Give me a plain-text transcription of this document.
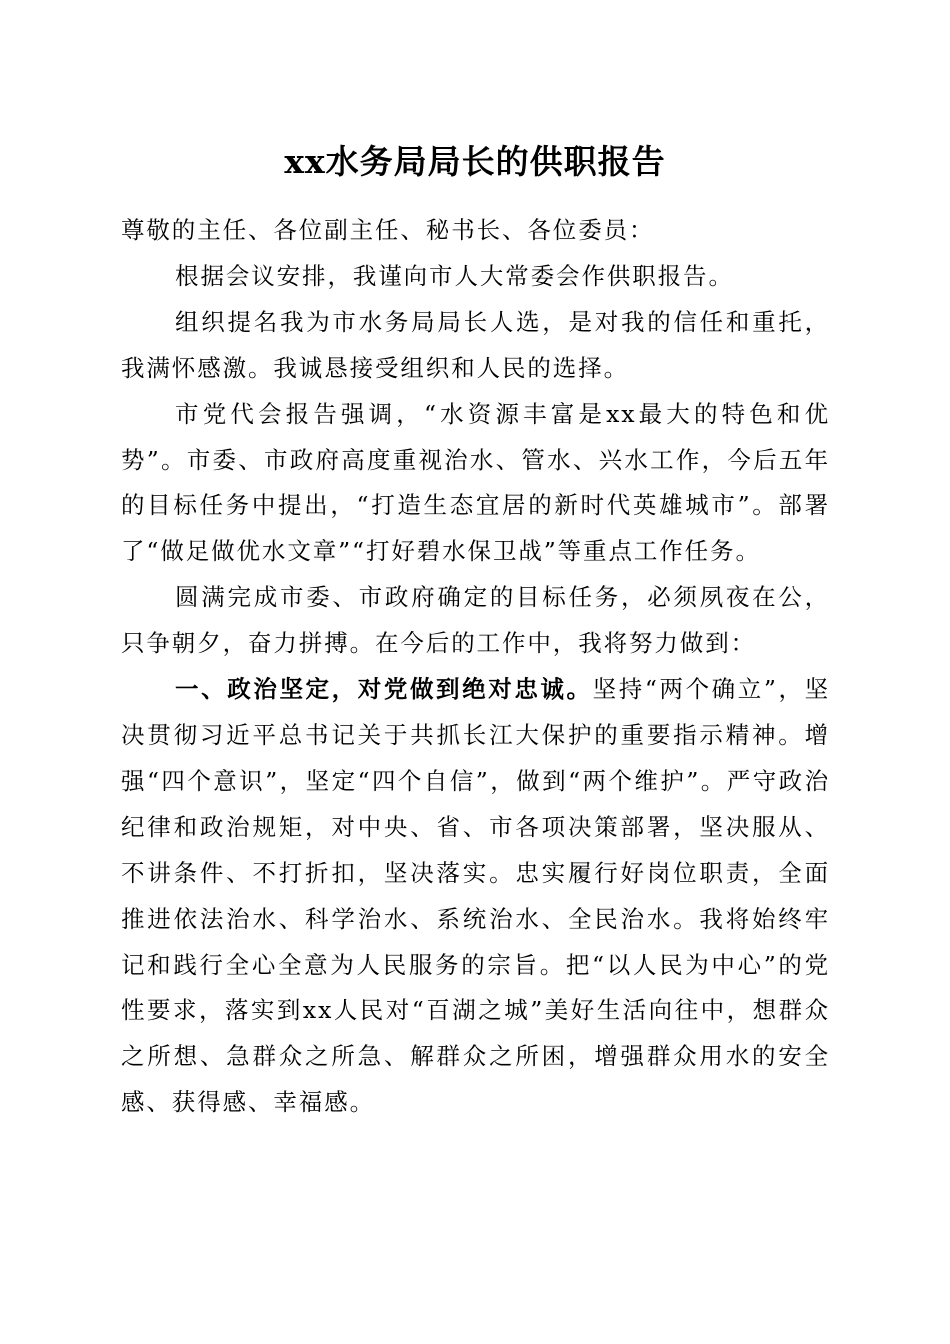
xx水务局局长的供职报告

尊敬的主任、各位副主任、秘书长、各位委员：

根据会议安排，我谨向市人大常委会作供职报告。

组织提名我为市水务局局长人选，是对我的信任和重托，我满怀感激。我诚恳接受组织和人民的选择。

市党代会报告强调，“水资源丰富是xx最大的特色和优势”。市委、市政府高度重视治水、管水、兴水工作，今后五年的目标任务中提出，“打造生态宜居的新时代英雄城市”。部署了“做足做优水文章”“打好碧水保卫战”等重点工作任务。

圆满完成市委、市政府确定的目标任务，必须夙夜在公，只争朝夕，奋力拼搏。在今后的工作中，我将努力做到：

一、政治坚定，对党做到绝对忠诚。坚持“两个确立”，坚决贯彻习近平总书记关于共抓长江大保护的重要指示精神。增强“四个意识”，坚定“四个自信”，做到“两个维护”。严守政治纪律和政治规矩，对中央、省、市各项决策部署，坚决服从、不讲条件、不打折扣，坚决落实。忠实履行好岗位职责，全面推进依法治水、科学治水、系统治水、全民治水。我将始终牢记和践行全心全意为人民服务的宗旨。把“以人民为中心”的党性要求，落实到xx人民对“百湖之城”美好生活向往中，想群众之所想、急群众之所急、解群众之所困，增强群众用水的安全感、获得感、幸福感。
